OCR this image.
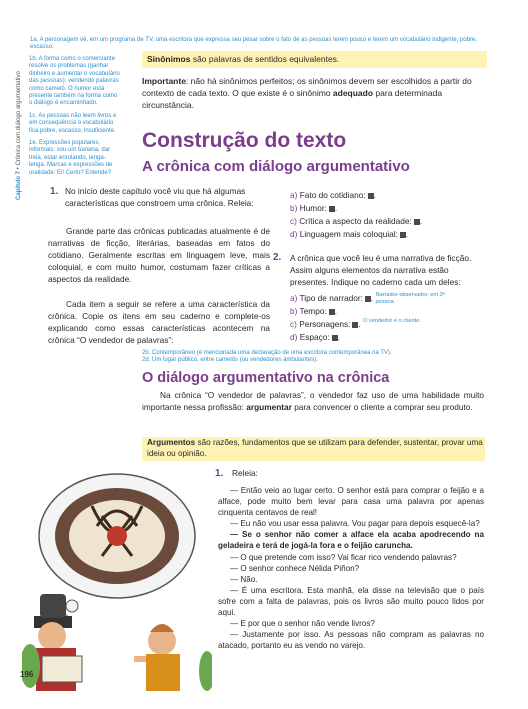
1a. A personagem vê, em um programa de TV, uma escritora que expressa seu pesar sobre o fato de as pessoas lerem pouco e terem um vocabulário indigente, pobre, escasso.
1b. A forma como o comerciante resolve os problemas (ganhar dinheiro e aumentar o vocabulário das pessoas): vendendo palavras como camelô. O humor está presente também na forma como o diálogo é encaminhado.
1c. As pessoas não leem livros e em consequência o vocabulário fica pobre, escasso, insuficiente.
1e. Expressões populares, informais: sou um banana, dar trela, estar enrolando, lenga-lenga. Marcas e expressões de oralidade: Ei! Certo? Entende?
Capítulo 7 • Crônica com diálogo argumentativo
Sinônimos são palavras de sentidos equivalentes.
Importante: não há sinônimos perfeitos; os sinônimos devem ser escolhidos a partir do contexto de cada texto. O que existe é o sinônimo adequado para determinada circunstância.
Construção do texto
A crônica com diálogo argumentativo
1. No início deste capítulo você viu que há algumas características que constroem uma crônica. Releia:
Grande parte das crônicas publicadas atualmente é de narrativas de ficção, literárias, baseadas em fatos do cotidiano. Geralmente escritas em linguagem leve, mais coloquial, e com muito humor, costumam fazer críticas a aspectos da realidade.
Cada item a seguir se refere a uma característica da crônica. Copie os itens em seu caderno e complete-os explicando como essas características acontecem na crônica “O vendedor de palavras”:
a) Fato do cotidiano: .
b) Humor: .
c) Crítica a aspecto da realidade: .
d) Linguagem mais coloquial: .
2. A crônica que você leu é uma narrativa de ficção. Assim alguns elementos da narrativa estão presentes. Indique no caderno cada um deles:
a) Tipo de narrador: . Narrador-observador, em 3ª pessoa.
b) Tempo: .
c) Personagens: . O vendedor e o cliente.
d) Espaço: .
2b. Contemporâneo (é mencionada uma declaração de uma escritora contemporânea na TV).
2d. Um lugar público, entre camelôs (ou vendedores ambulantes).
O diálogo argumentativo na crônica
Na crônica “O vendedor de palavras”, o vendedor faz uso de uma habilidade muito importante nessa profissão: argumentar para convencer o cliente a comprar seu produto.
Argumentos são razões, fundamentos que se utilizam para defender, sustentar, provar uma ideia ou opinião.
1. Releia:

— Então veio ao lugar certo. O senhor está para comprar o feijão e a alface, pode muito bem levar para casa uma palavra por apenas cinquenta centavos de real!

— Eu não vou usar essa palavra. Vou pagar para depois esquecê-la?

— Se o senhor não comer a alface ela acaba apodrecendo na geladeira e terá de jogá-la fora e o feijão caruncha.

— O que pretende com isso? Vai ficar rico vendendo palavras?

— O senhor conhece Nélida Piñon?

— Não.

— É uma escritora. Esta manhã, ela disse na televisão que o país sofre com a falta de palavras, pois os livros são muito pouco lidos por aqui.

— E por que o senhor não vende livros?

— Justamente por isso. As pessoas não compram as palavras no atacado, portanto eu as vendo no varejo.

196
